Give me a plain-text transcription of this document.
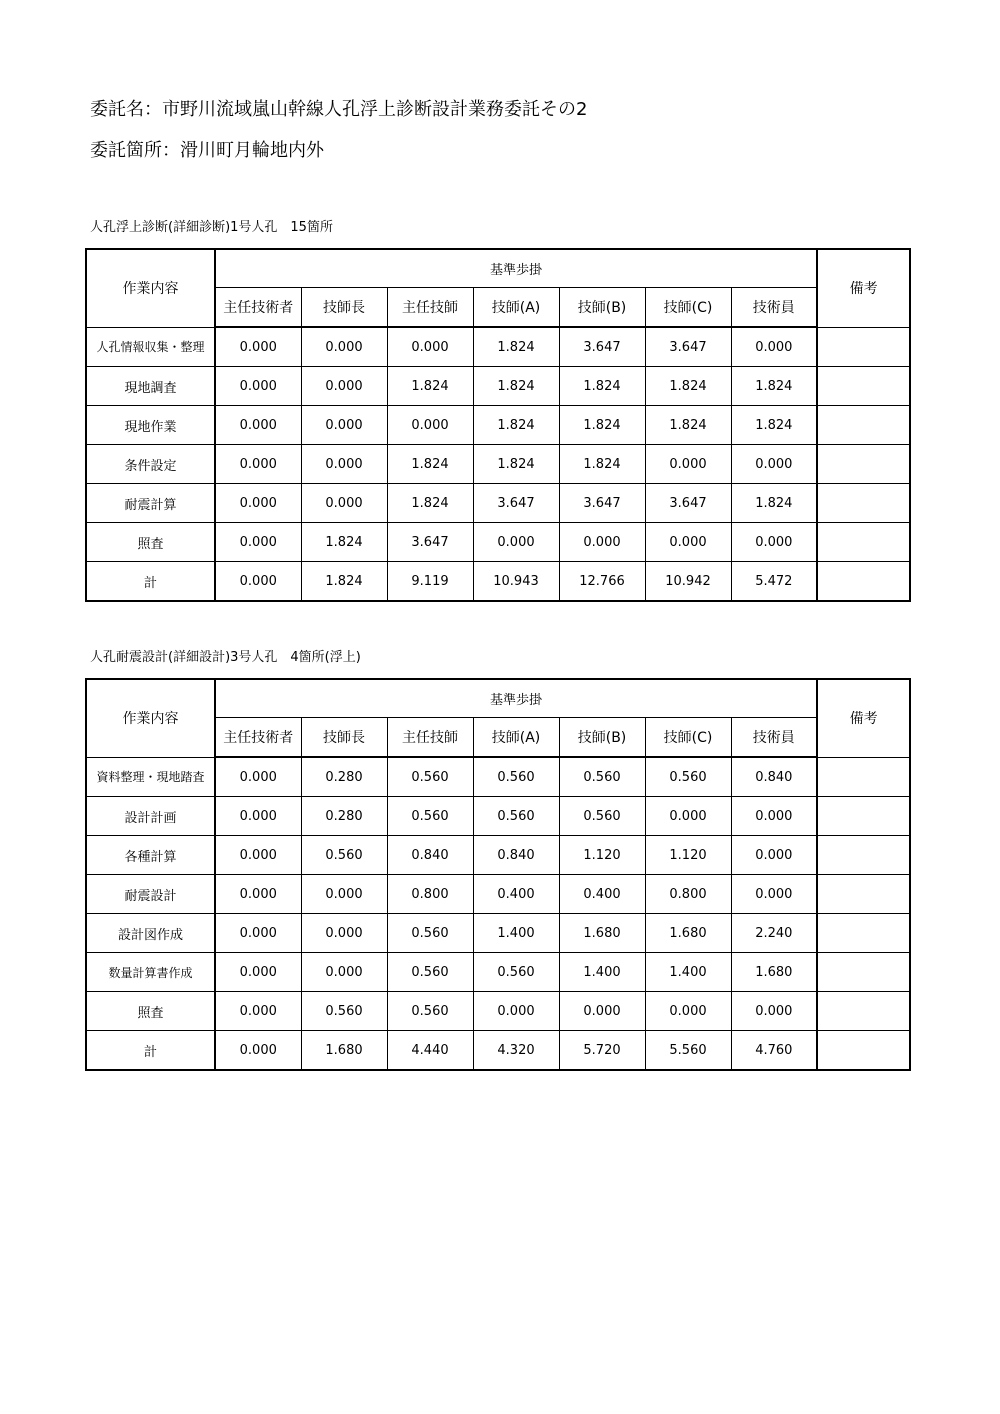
委託名：市野川流域嵐山幹線人孔浮上診断設計業務委託その2
委託箇所：滑川町月輪地内外
人孔浮上診断(詳細診断)1号人孔　15箇所
作業内容	基準歩掛							備考
	主任技術者	技師長	主任技師	技師(A)	技師(B)	技師(C)	技術員	
人孔情報収集・整理	0.000	0.000	0.000	1.824	3.647	3.647	0.000	
現地調査	0.000	0.000	1.824	1.824	1.824	1.824	1.824	
現地作業	0.000	0.000	0.000	1.824	1.824	1.824	1.824	
条件設定	0.000	0.000	1.824	1.824	1.824	0.000	0.000	
耐震計算	0.000	0.000	1.824	3.647	3.647	3.647	1.824	
照査	0.000	1.824	3.647	0.000	0.000	0.000	0.000	
計	0.000	1.824	9.119	10.943	12.766	10.942	5.472	
人孔耐震設計(詳細設計)3号人孔　4箇所(浮上)
作業内容	基準歩掛							備考
	主任技術者	技師長	主任技師	技師(A)	技師(B)	技師(C)	技術員	
資料整理・現地踏査	0.000	0.280	0.560	0.560	0.560	0.560	0.840	
設計計画	0.000	0.280	0.560	0.560	0.560	0.000	0.000	
各種計算	0.000	0.560	0.840	0.840	1.120	1.120	0.000	
耐震設計	0.000	0.000	0.800	0.400	0.400	0.800	0.000	
設計図作成	0.000	0.000	0.560	1.400	1.680	1.680	2.240	
数量計算書作成	0.000	0.000	0.560	0.560	1.400	1.400	1.680	
照査	0.000	0.560	0.560	0.000	0.000	0.000	0.000	
計	0.000	1.680	4.440	4.320	5.720	5.560	4.760	
